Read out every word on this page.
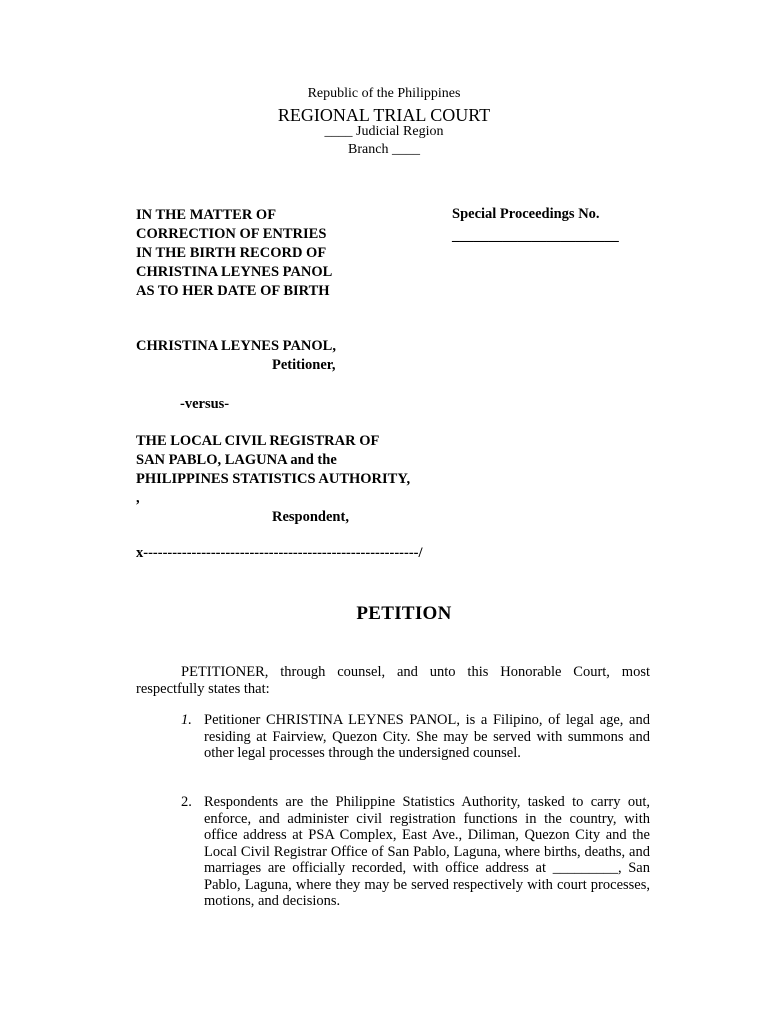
Republic of the Philippines
REGIONAL TRIAL COURT
____ Judicial Region
Branch ____
IN THE MATTER OF
CORRECTION OF ENTRIES
IN THE BIRTH RECORD OF
CHRISTINA LEYNES PANOL
AS TO HER DATE OF BIRTH
Special Proceedings No.
_______________________
CHRISTINA LEYNES PANOL,
Petitioner,
-versus-
THE LOCAL CIVIL REGISTRAR OF
SAN PABLO, LAGUNA and the
PHILIPPINES STATISTICS AUTHORITY,
,
Respondent,
x---------------------------------------------------------/
PETITION
PETITIONER, through counsel, and unto this Honorable Court, most respectfully states that:
1. Petitioner CHRISTINA LEYNES PANOL, is a Filipino, of legal age, and residing at Fairview, Quezon City. She may be served with summons and other legal processes through the undersigned counsel.
2. Respondents are the Philippine Statistics Authority, tasked to carry out, enforce, and administer civil registration functions in the country, with office address at PSA Complex, East Ave., Diliman, Quezon City and the Local Civil Registrar Office of San Pablo, Laguna, where births, deaths, and marriages are officially recorded, with office address at _________, San Pablo, Laguna, where they may be served respectively with court processes, motions, and decisions.
